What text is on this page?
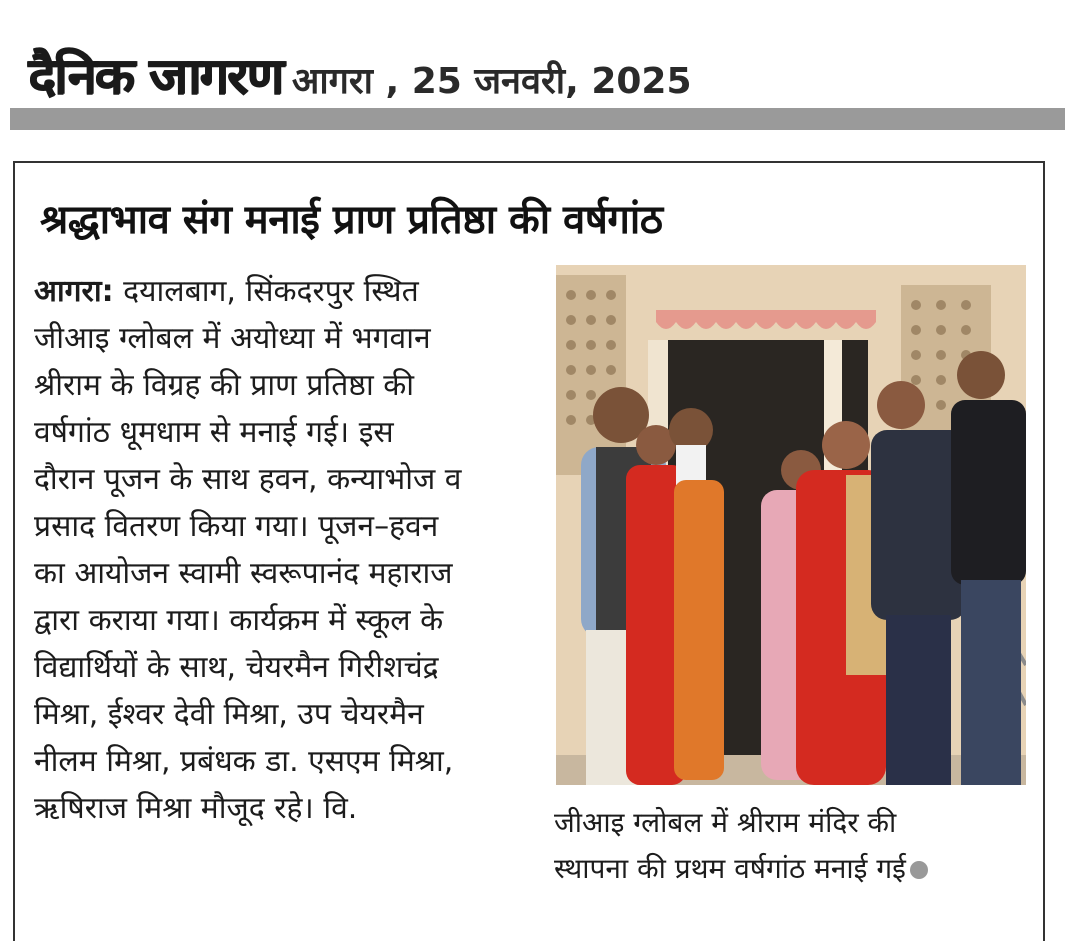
दैनिक जागरण आगरा , 25 जनवरी, 2025
श्रद्धाभाव संग मनाई प्राण प्रतिष्ठा की वर्षगांठ
आगरा: दयालबाग, सिंकदरपुर स्थित
जीआइ ग्लोबल में अयोध्या में भगवान
श्रीराम के विग्रह की प्राण प्रतिष्ठा की
वर्षगांठ धूमधाम से मनाई गई। इस
दौरान पूजन के साथ हवन, कन्याभोज व
प्रसाद वितरण किया गया। पूजन–हवन
का आयोजन स्वामी स्वरूपानंद महाराज
द्वारा कराया गया। कार्यक्रम में स्कूल के
विद्यार्थियों के साथ, चेयरमैन गिरीशचंद्र
मिश्रा, ईश्वर देवी मिश्रा, उप चेयरमैन
नीलम मिश्रा, प्रबंधक डा. एसएम मिश्रा,
ऋषिराज मिश्रा मौजूद रहे। वि.	जीआइ ग्लोबल में श्रीराम मंदिर की
स्थापना की प्रथम वर्षगांठ मनाई गई
